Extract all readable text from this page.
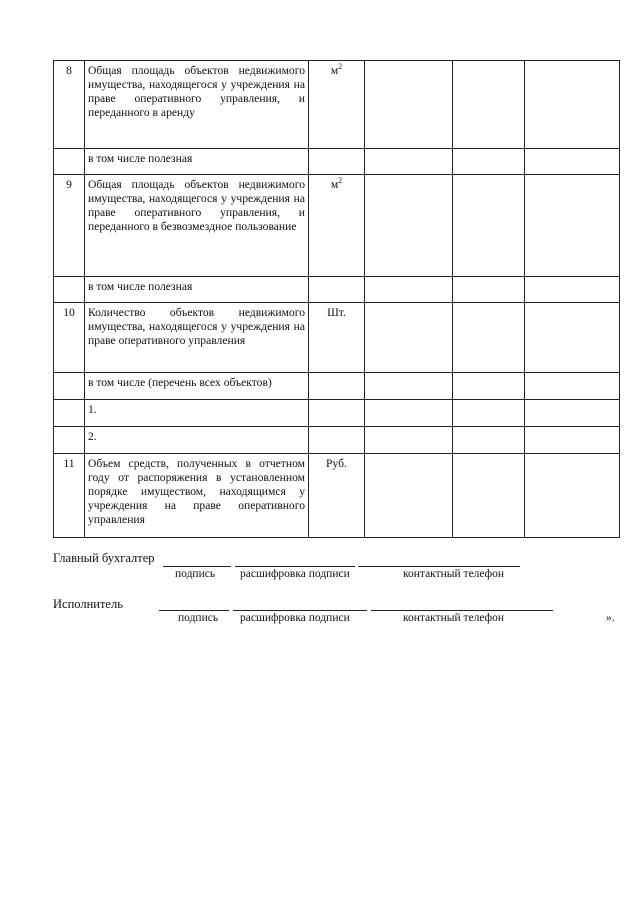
8	Общая площадь объектов недвижимого имущества, находящегося у учреждения на праве оперативного управления, и переданного в аренду	$м^2$			
	в том числе полезная				
9	Общая площадь объектов недвижимого имущества, находящегося у учреждения на праве оперативного управления, и переданного в безвозмездное пользование	$м^2$			
	в том числе полезная				
10	Количество объектов недвижимого имущества, находящегося у учреждения на праве оперативного управления	Шт.			
	в том числе (перечень всех объектов)				
	1.				
	2.				
11	Объем средств, полученных в отчетном году от распоряжения в установленном порядке имуществом, находящимся у учреждения на праве оперативного управления	Руб.			
Главный бухгалтер
подпись расшифровка подписи	контактный телефон
Исполнитель
подпись расшифровка подписи	контактный телефон	».
